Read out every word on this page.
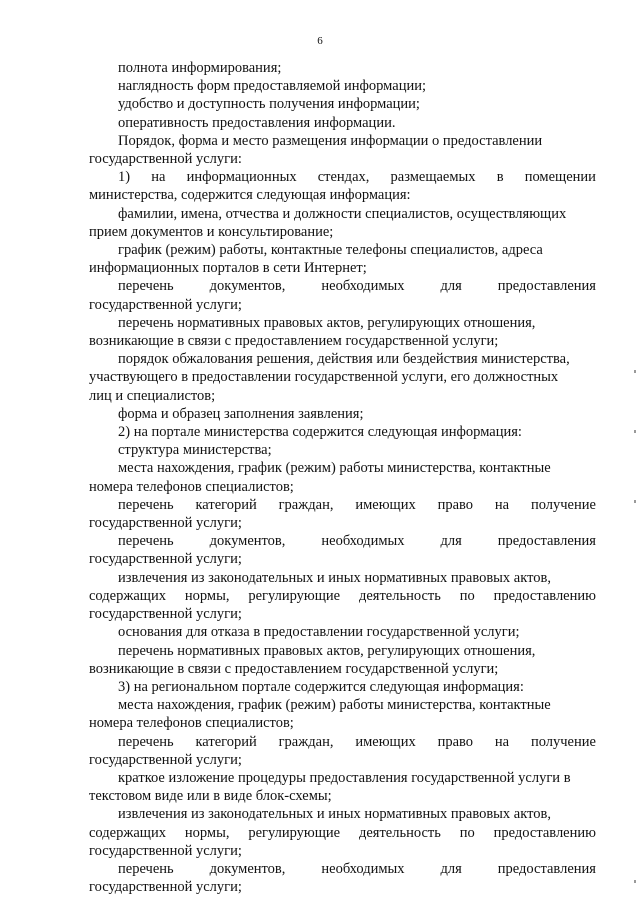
6
полнота информирования;
наглядность форм предоставляемой информации;
удобство и доступность получения информации;
оперативность предоставления информации.
Порядок, форма и место размещения информации о предоставлении
государственной услуги:
1) на информационных стендах, размещаемых в помещении
министерства, содержится следующая информация:
фамилии, имена, отчества и должности специалистов, осуществляющих
прием документов и консультирование;
график (режим) работы, контактные телефоны специалистов, адреса
информационных порталов в сети Интернет;
перечень документов, необходимых для предоставления
государственной услуги;
перечень нормативных правовых актов, регулирующих отношения,
возникающие в связи с предоставлением государственной услуги;
порядок обжалования решения, действия или бездействия министерства,
участвующего в предоставлении государственной услуги, его должностных
лиц и специалистов;
форма и образец заполнения заявления;
2) на портале министерства содержится следующая информация:
структура министерства;
места нахождения, график (режим) работы министерства, контактные
номера телефонов специалистов;
перечень категорий граждан, имеющих право на получение
государственной услуги;
перечень документов, необходимых для предоставления
государственной услуги;
извлечения из законодательных и иных нормативных правовых актов,
содержащих нормы, регулирующие деятельность по предоставлению
государственной услуги;
основания для отказа в предоставлении государственной услуги;
перечень нормативных правовых актов, регулирующих отношения,
возникающие в связи с предоставлением государственной услуги;
3) на региональном портале содержится следующая информация:
места нахождения, график (режим) работы министерства, контактные
номера телефонов специалистов;
перечень категорий граждан, имеющих право на получение
государственной услуги;
краткое изложение процедуры предоставления государственной услуги в
текстовом виде или в виде блок-схемы;
извлечения из законодательных и иных нормативных правовых актов,
содержащих нормы, регулирующие деятельность по предоставлению
государственной услуги;
перечень документов, необходимых для предоставления
государственной услуги;
